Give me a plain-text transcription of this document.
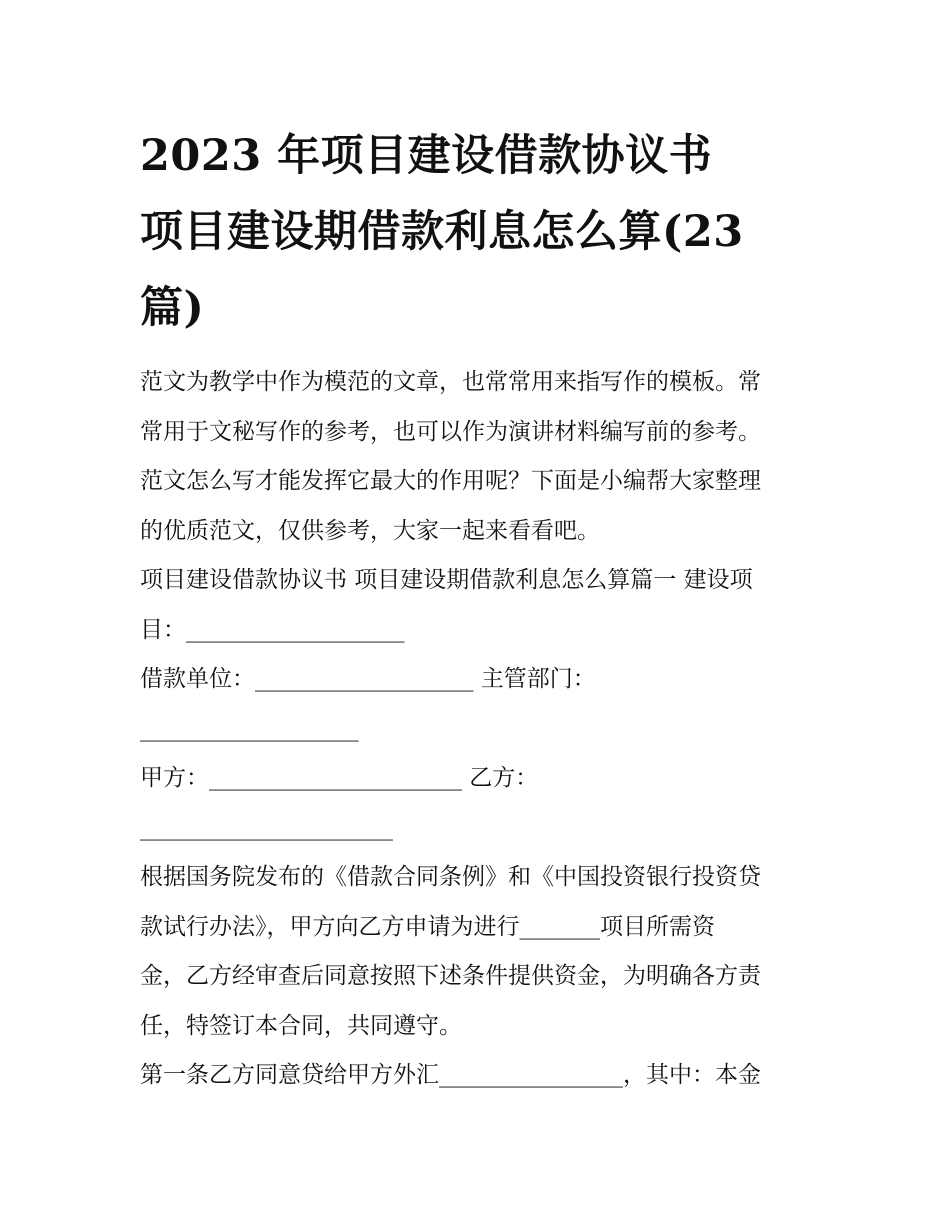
2023 年项目建设借款协议书
项目建设期借款利息怎么算(23
篇)

范文为教学中作为模范的文章，也常常用来指写作的模板。常
常用于文秘写作的参考，也可以作为演讲材料编写前的参考。
范文怎么写才能发挥它最大的作用呢？下面是小编帮大家整理
的优质范文，仅供参考，大家一起来看看吧。

项目建设借款协议书 项目建设期借款利息怎么算篇一 建设项
目：___________________

借款单位：___________________ 主管部门：
___________________

甲方：______________________ 乙方：
______________________

根据国务院发布的《借款合同条例》和《中国投资银行投资贷
款试行办法》，甲方向乙方申请为进行_______项目所需资
金，乙方经审查后同意按照下述条件提供资金，为明确各方责
任，特签订本合同，共同遵守。

第一条乙方同意贷给甲方外汇________________，其中：本金
